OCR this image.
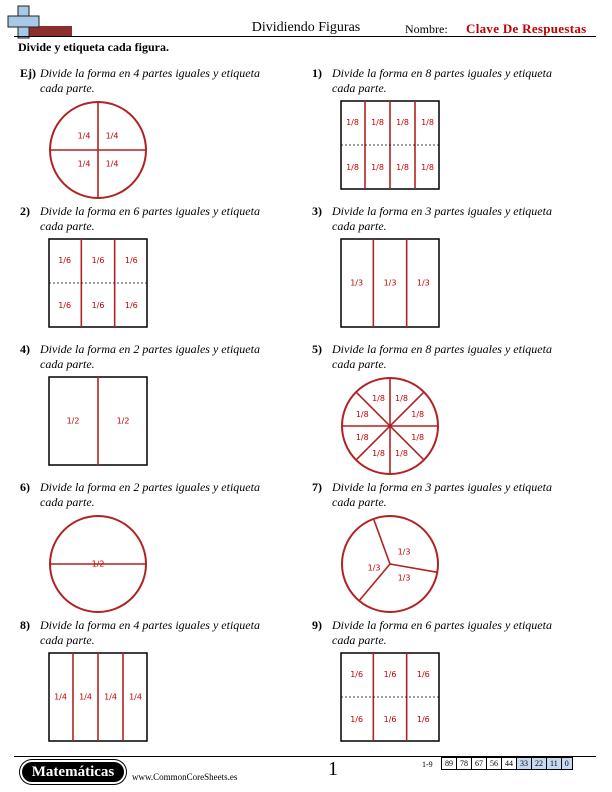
Dividiendo Figuras	Nombre: Clave De Respuestas
Divide y etiqueta cada figura.
Ej) Divide la forma en 4 partes iguales y etiqueta cada parte.
1/4 1/4
1/4 1/4
1) Divide la forma en 8 partes iguales y etiqueta cada parte.
1/8 1/8 1/8 1/8
1/8 1/8 1/8 1/8
2) Divide la forma en 6 partes iguales y etiqueta cada parte.
1/6	1/6	1/6
1/6	1/6	1/6
3) Divide la forma en 3 partes iguales y etiqueta cada parte.
1/3	1/3	1/3
4) Divide la forma en 2 partes iguales y etiqueta cada parte.
1/2	1/2
5) Divide la forma en 8 partes iguales y etiqueta cada parte.
1/8
1/8
1/8
1/8
1/8
1/8
1/8
1/8
6) Divide la forma en 2 partes iguales y etiqueta cada parte.
1/2
7) Divide la forma en 3 partes iguales y etiqueta cada parte.
1/3
1/3
1/3
8) Divide la forma en 4 partes iguales y etiqueta cada parte.
1/4 1/4 1/4 1/4
9) Divide la forma en 6 partes iguales y etiqueta cada parte.
1/6	1/6	1/6
1/6	1/6	1/6
Matemáticas	www.CommonCoreSheets.es	1	1-9 89	78	67	56	44	33	22	11	0
